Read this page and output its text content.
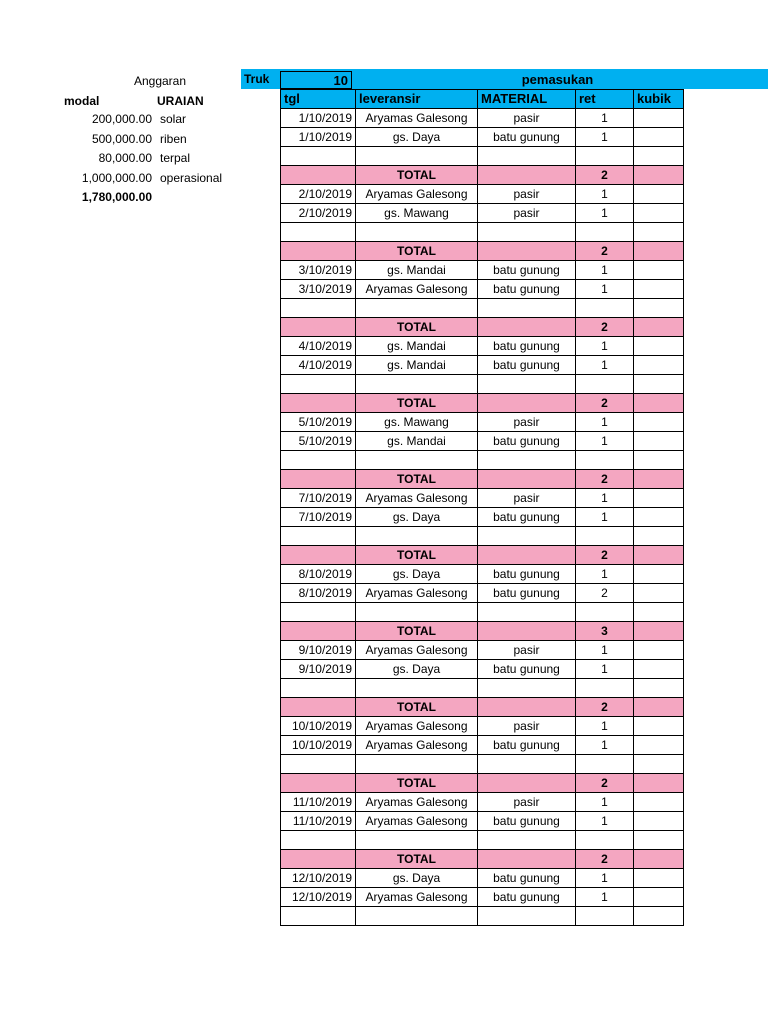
Anggaran
modal	URAIAN
200,000.00 solar
500,000.00 riben
80,000.00 terpal
1,000,000.00 operasional
1,780,000.00
Truk	10	pemasukan
tgl	leveransir	MATERIAL	ret	kubik
1/10/2019	Aryamas Galesong	pasir	1	
1/10/2019	gs. Daya	batu gunung	1	

	TOTAL		2	
2/10/2019	Aryamas Galesong	pasir	1	
2/10/2019	gs. Mawang	pasir	1	

	TOTAL		2	
3/10/2019	gs. Mandai	batu gunung	1	
3/10/2019	Aryamas Galesong	batu gunung	1	

	TOTAL		2	
4/10/2019	gs. Mandai	batu gunung	1	
4/10/2019	gs. Mandai	batu gunung	1	

	TOTAL		2	
5/10/2019	gs. Mawang	pasir	1	
5/10/2019	gs. Mandai	batu gunung	1	

	TOTAL		2	
7/10/2019	Aryamas Galesong	pasir	1	
7/10/2019	gs. Daya	batu gunung	1	

	TOTAL		2	
8/10/2019	gs. Daya	batu gunung	1	
8/10/2019	Aryamas Galesong	batu gunung	2	

	TOTAL		3	
9/10/2019	Aryamas Galesong	pasir	1	
9/10/2019	gs. Daya	batu gunung	1	

	TOTAL		2	
10/10/2019	Aryamas Galesong	pasir	1	
10/10/2019	Aryamas Galesong	batu gunung	1	

	TOTAL		2	
11/10/2019	Aryamas Galesong	pasir	1	
11/10/2019	Aryamas Galesong	batu gunung	1	

	TOTAL		2	
12/10/2019	gs. Daya	batu gunung	1	
12/10/2019	Aryamas Galesong	batu gunung	1	
